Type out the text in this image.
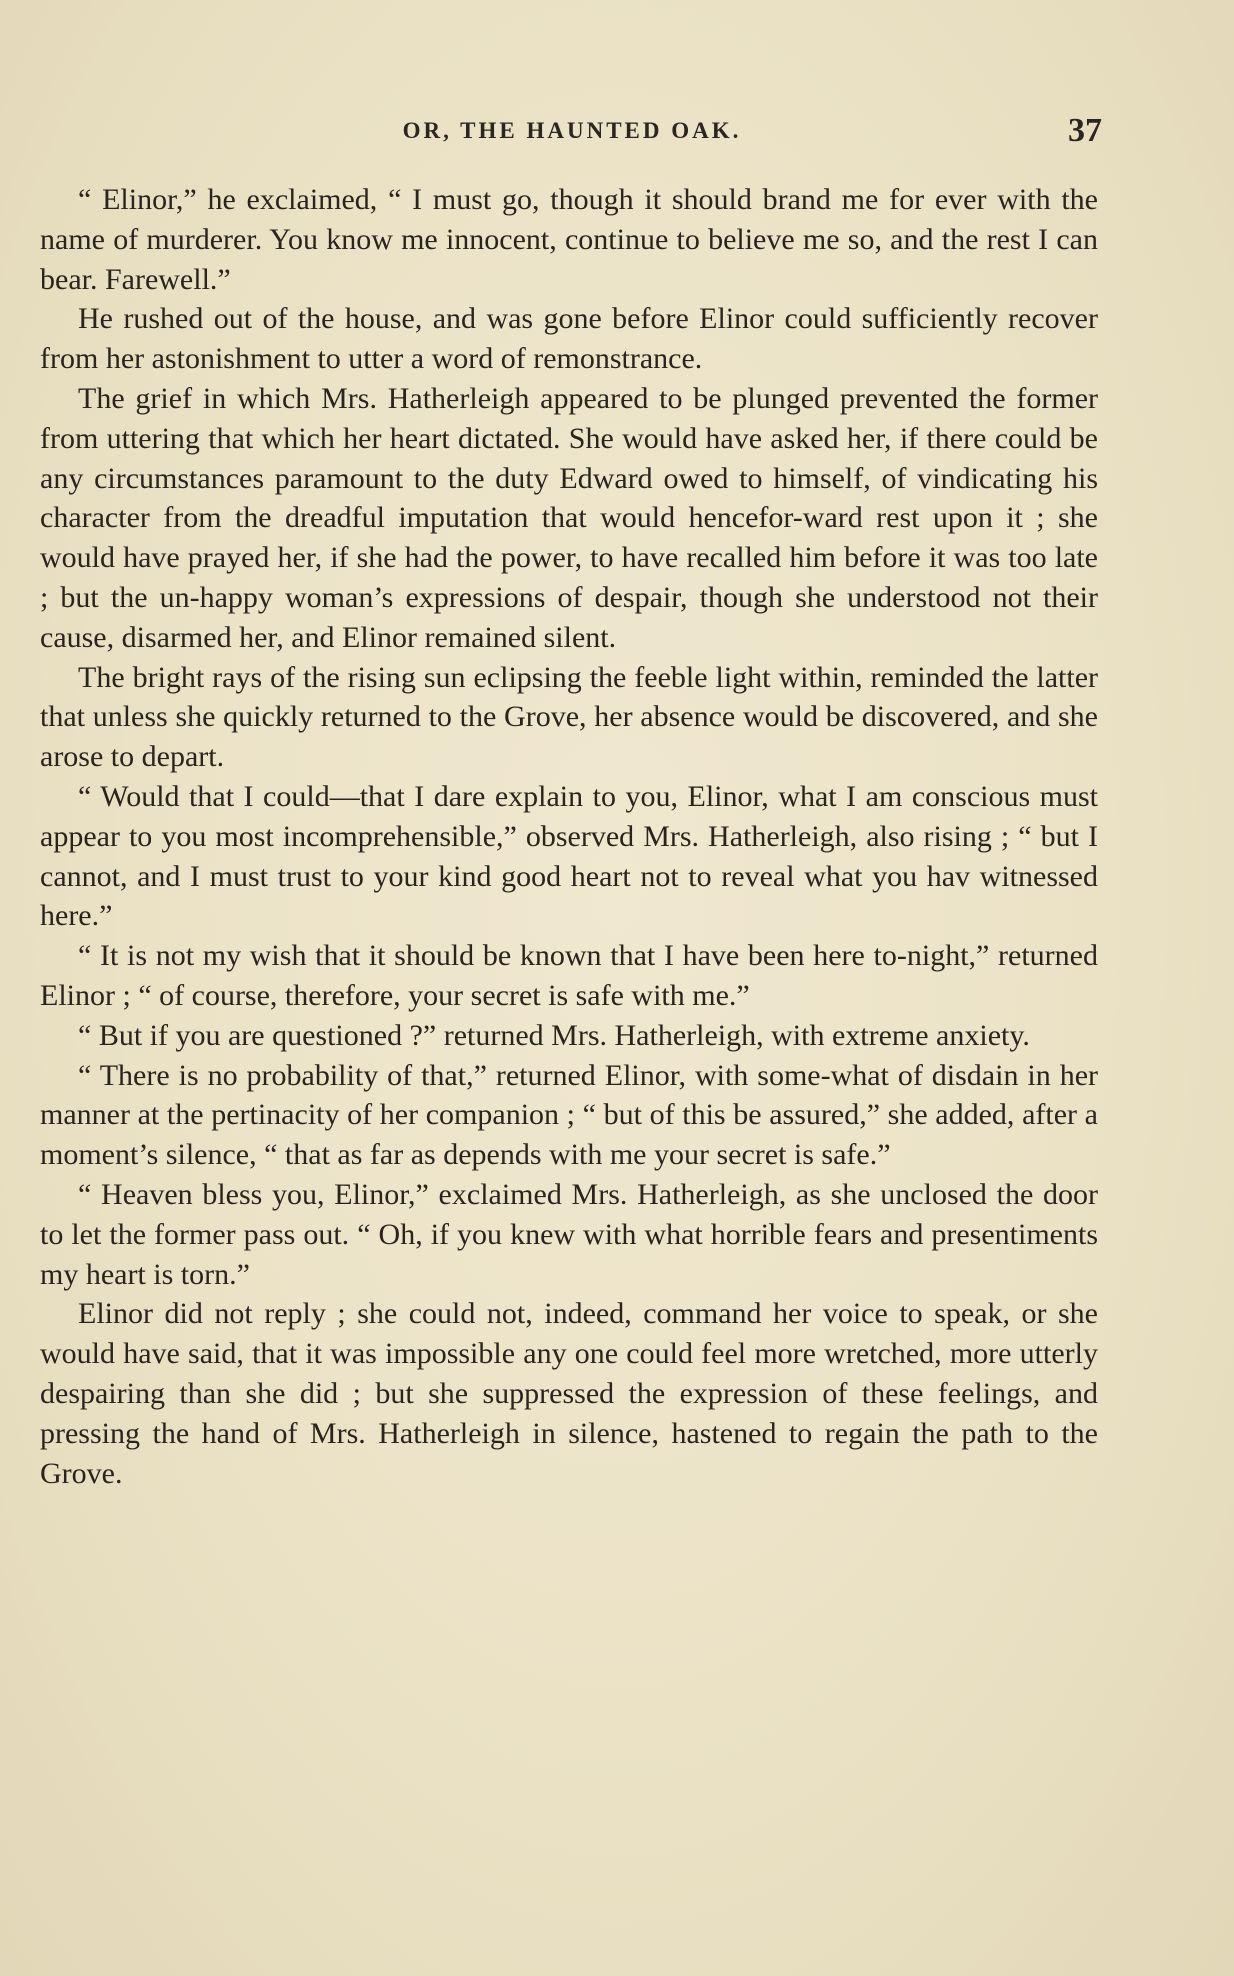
OR, THE HAUNTED OAK.	37

“ Elinor,” he exclaimed, “ I must go, though it should brand me for ever with the name of murderer. You know me innocent, continue to believe me so, and the rest I can bear. Farewell.”

He rushed out of the house, and was gone before Elinor could sufficiently recover from her astonishment to utter a word of remonstrance.

The grief in which Mrs. Hatherleigh appeared to be plunged prevented the former from uttering that which her heart dictated. She would have asked her, if there could be any circumstances paramount to the duty Edward owed to himself, of vindicating his character from the dreadful imputation that would hencefor-ward rest upon it ; she would have prayed her, if she had the power, to have recalled him before it was too late ; but the un-happy woman’s expressions of despair, though she understood not their cause, disarmed her, and Elinor remained silent.

The bright rays of the rising sun eclipsing the feeble light within, reminded the latter that unless she quickly returned to the Grove, her absence would be discovered, and she arose to depart.

“ Would that I could—that I dare explain to you, Elinor, what I am conscious must appear to you most incomprehensible,” observed Mrs. Hatherleigh, also rising ; “ but I cannot, and I must trust to your kind good heart not to reveal what you hav witnessed here.”

“ It is not my wish that it should be known that I have been here to-night,” returned Elinor ; “ of course, therefore, your secret is safe with me.”

“ But if you are questioned ?” returned Mrs. Hatherleigh, with extreme anxiety.

“ There is no probability of that,” returned Elinor, with some-what of disdain in her manner at the pertinacity of her companion ; “ but of this be assured,” she added, after a moment’s silence, “ that as far as depends with me your secret is safe.”

“ Heaven bless you, Elinor,” exclaimed Mrs. Hatherleigh, as she unclosed the door to let the former pass out. “ Oh, if you knew with what horrible fears and presentiments my heart is torn.”

Elinor did not reply ; she could not, indeed, command her voice to speak, or she would have said, that it was impossible any one could feel more wretched, more utterly despairing than she did ; but she suppressed the expression of these feelings, and pressing the hand of Mrs. Hatherleigh in silence, hastened to regain the path to the Grove.
